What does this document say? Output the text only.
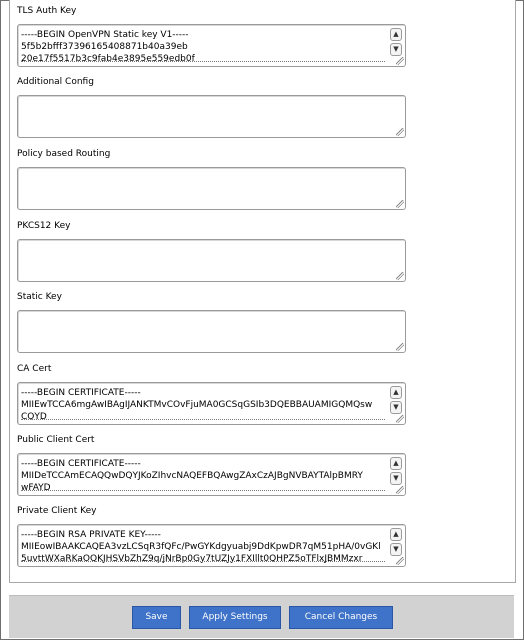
TLS Auth Key
-----BEGIN OpenVPN Static key V1-----
5f5b2bfff37396165408871b40a39eb
20e17f5517b3c9fab4e3895e559edb0f
▲
▼
Additional Config
Policy based Routing
PKCS12 Key
Static Key
CA Cert
-----BEGIN CERTIFICATE-----
MIIEwTCCA6mgAwIBAgIJANKTMvCOvFjuMA0GCSqGSIb3DQEBBAUAMIGQMQsw
CQYD
▲
▼
Public Client Cert
-----BEGIN CERTIFICATE-----
MIIDeTCCAmECAQQwDQYJKoZIhvcNAQEFBQAwgZAxCzAJBgNVBAYTAlpBMRY
wFAYD
▲
▼
Private Client Key
-----BEGIN RSA PRIVATE KEY-----
MIIEowIBAAKCAQEA3vzLCSqR3fQFc/PwGYKdgyuabj9DdKpwDR7qM51pHA/0vGKl
5uvttWXaRKaOQKJHSVbZhZ9q/jNrBp0Gy7tUZJy1FXIllt0QHPZ5oTFlxJBMMzxr
▲
▼
Save	Apply Settings	Cancel Changes
